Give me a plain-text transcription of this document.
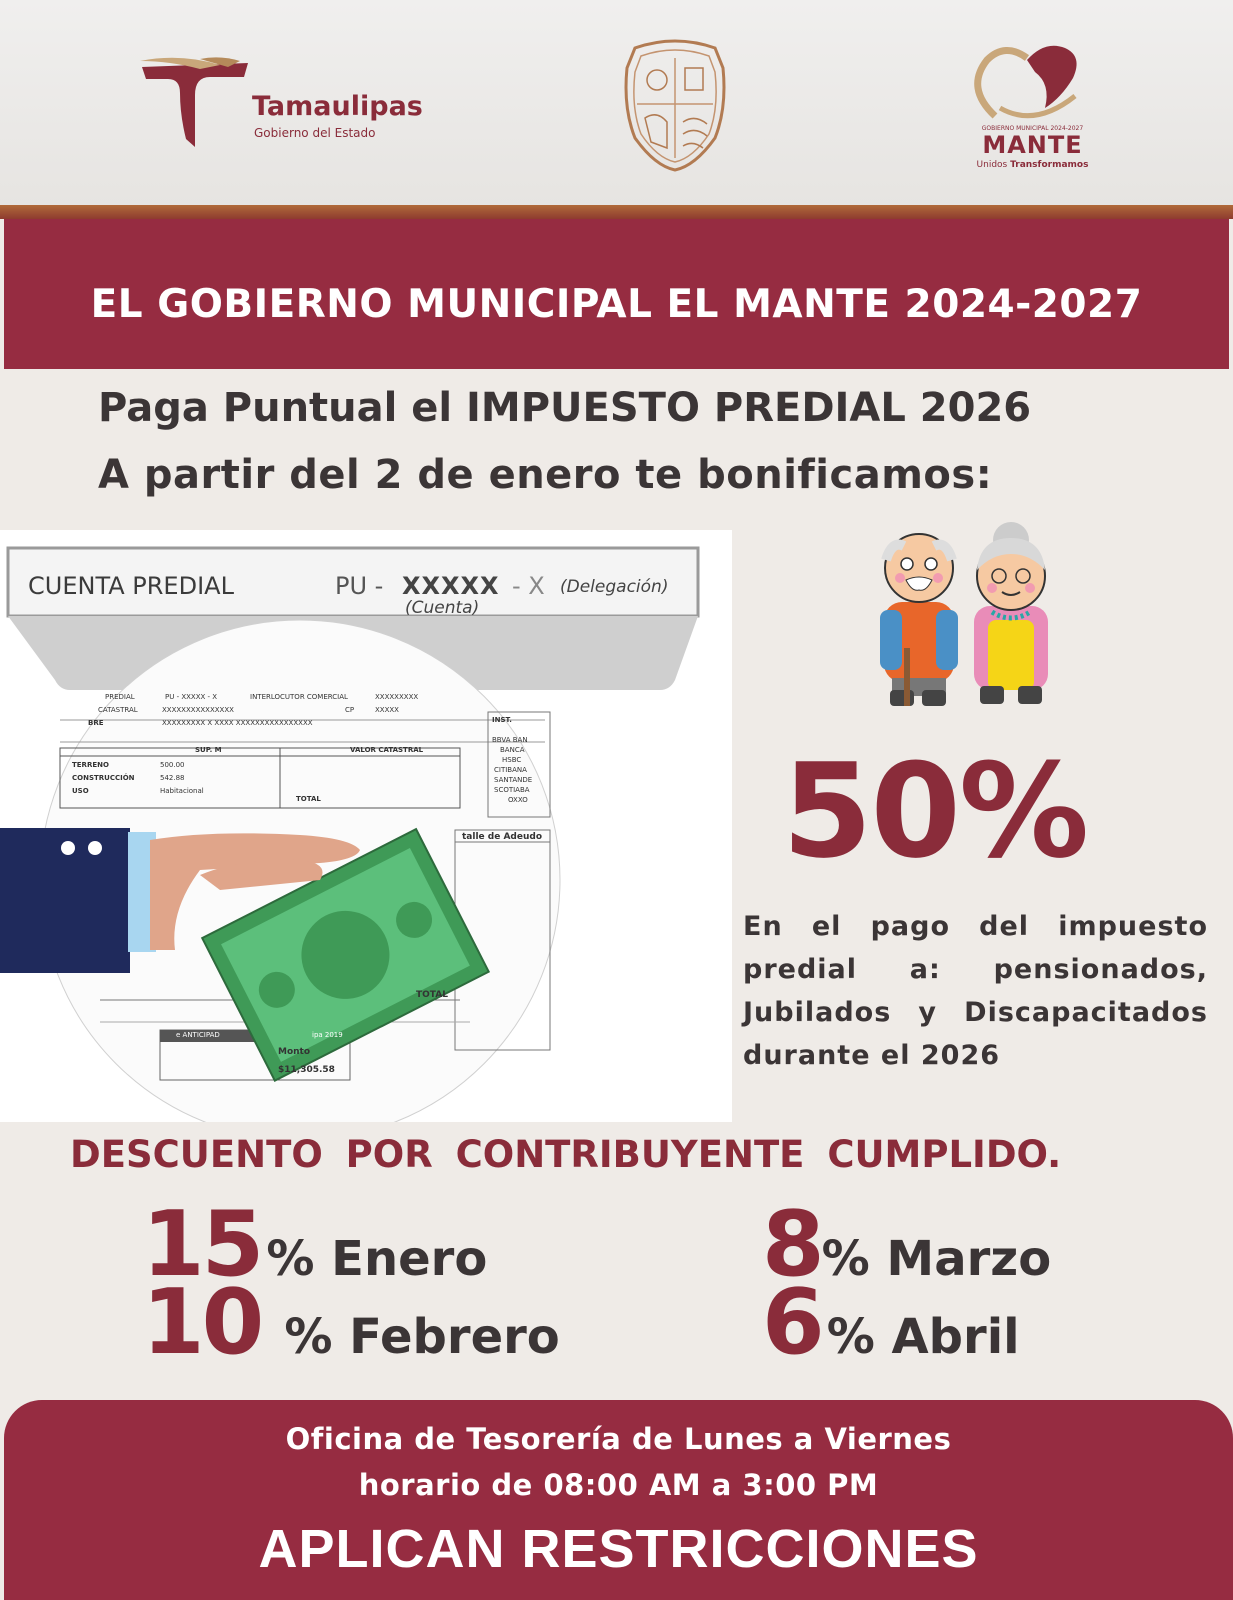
Tamaulipas
Gobierno del Estado	GOBIERNO MUNICIPAL 2024-2027
MANTE
Unidos Transformamos
EL GOBIERNO MUNICIPAL EL MANTE 2024-2027
Paga Puntual el IMPUESTO PREDIAL 2026
A partir del 2 de enero te bonificamos:
CUENTA PREDIAL	PU - XXXXX - X (Delegación)
(Cuenta)
PREDIAL	PU - XXXXX - X	INTERLOCUTOR COMERCIAL	XXXXXXXXX
CATASTRAL	XXXXXXXXXXXXXXX	CP	XXXXX
BRE	XXXXXXXXX X XXXX XXXXXXXXXXXXXXXX
SUP. M	VALOR CATASTRAL
TERRENO	500.00
CONSTRUCCIÓN	542.88
USO	Habitacional
TOTAL
INST.
BBVA BAN
BANCA
HSBC
CITIBANA
SANTANDE
SCOTIABA
OXXO
talle de Adeudo
TOTAL
e ANTICIPAD	ipa 2019
Monto
$11,305.58
50%
En el pago del impuesto predial a: pensionados, Jubilados y Discapacitados durante el 2026
DESCUENTO POR CONTRIBUYENTE CUMPLIDO.
15 % Enero
10 % Febrero
8% Marzo
6 % Abril
Oficina de Tesorería de Lunes a Viernes
horario de 08:00 AM a 3:00 PM
APLICAN RESTRICCIONES
